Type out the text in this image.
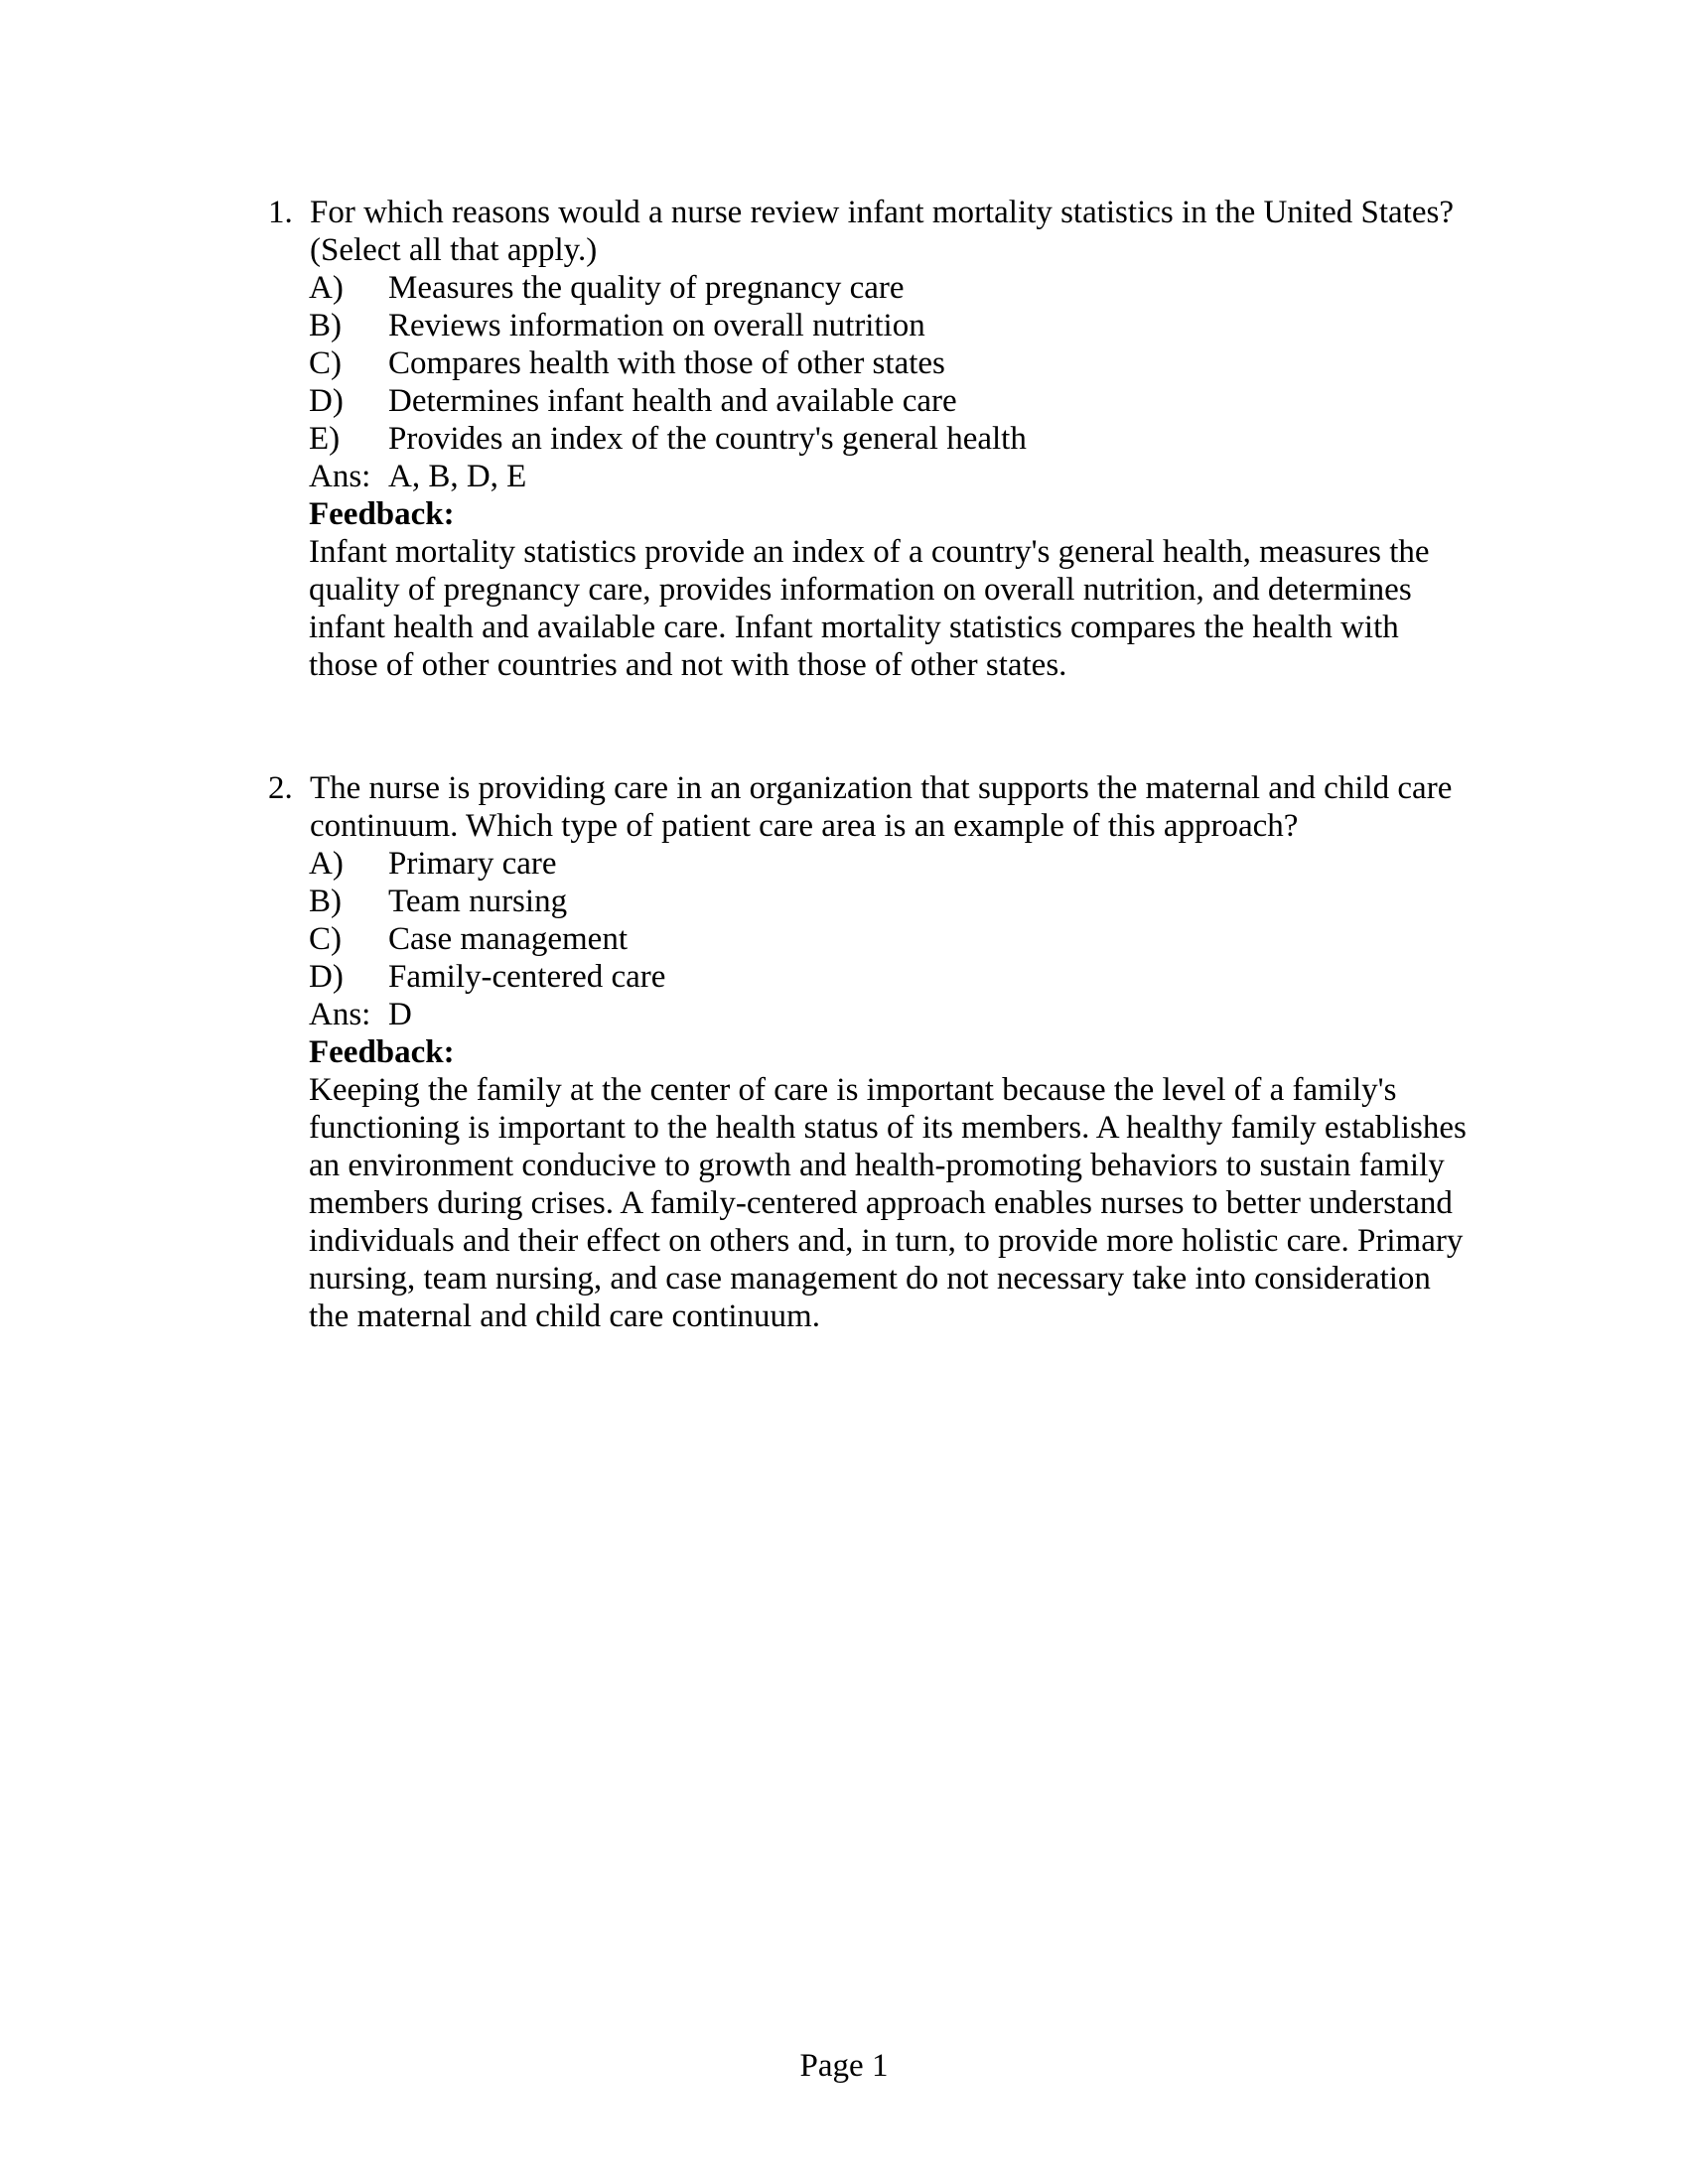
1. For which reasons would a nurse review infant mortality statistics in the United States?
(Select all that apply.)
A)	Measures the quality of pregnancy care
B)	Reviews information on overall nutrition
C)	Compares health with those of other states
D)	Determines infant health and available care
E)	Provides an index of the country's general health
Ans: A, B, D, E
Feedback:
Infant mortality statistics provide an index of a country's general health, measures the
quality of pregnancy care, provides information on overall nutrition, and determines
infant health and available care. Infant mortality statistics compares the health with
those of other countries and not with those of other states.
2. The nurse is providing care in an organization that supports the maternal and child care
continuum. Which type of patient care area is an example of this approach?
A)	Primary care
B)	Team nursing
C)	Case management
D)	Family-centered care
Ans: D
Feedback:
Keeping the family at the center of care is important because the level of a family's
functioning is important to the health status of its members. A healthy family establishes
an environment conducive to growth and health-promoting behaviors to sustain family
members during crises. A family-centered approach enables nurses to better understand
individuals and their effect on others and, in turn, to provide more holistic care. Primary
nursing, team nursing, and case management do not necessary take into consideration
the maternal and child care continuum.
Page 1
